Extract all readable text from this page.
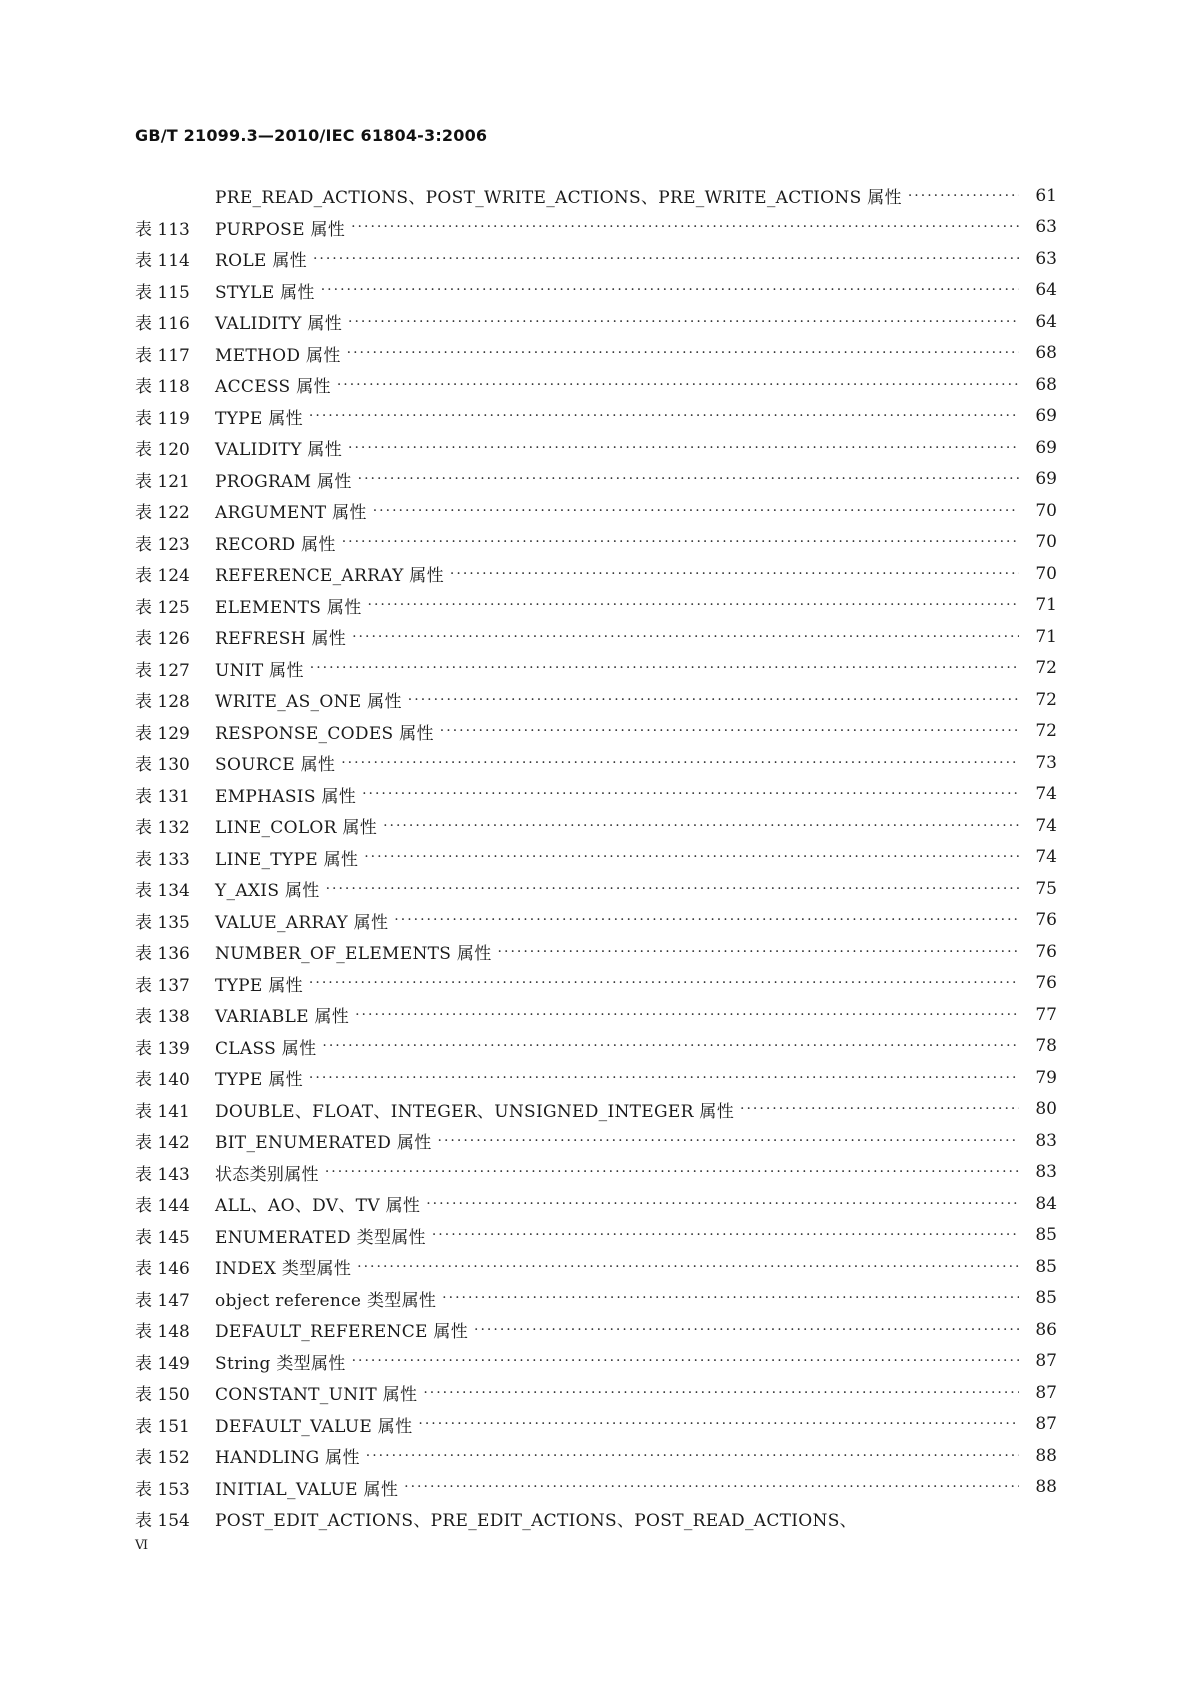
GB/T 21099.3—2010/IEC 61804-3:2006
PRE_READ_ACTIONS、POST_WRITE_ACTIONS、PRE_WRITE_ACTIONS 属性 ·····	61
表 113	PURPOSE 属性 ·····	63
表 114	ROLE 属性 ·····	63
表 115	STYLE 属性 ·····	64
表 116	VALIDITY 属性 ·····	64
表 117	METHOD 属性 ·····	68
表 118	ACCESS 属性 ·····	68
表 119	TYPE 属性 ·····	69
表 120	VALIDITY 属性 ·····	69
表 121	PROGRAM 属性 ·····	69
表 122	ARGUMENT 属性 ·····	70
表 123	RECORD 属性 ·····	70
表 124	REFERENCE_ARRAY 属性 ·····	70
表 125	ELEMENTS 属性 ·····	71
表 126	REFRESH 属性 ·····	71
表 127	UNIT 属性 ·····	72
表 128	WRITE_AS_ONE 属性 ·····	72
表 129	RESPONSE_CODES 属性 ·····	72
表 130	SOURCE 属性 ·····	73
表 131	EMPHASIS 属性 ·····	74
表 132	LINE_COLOR 属性 ·····	74
表 133	LINE_TYPE 属性 ·····	74
表 134	Y_AXIS 属性 ·····	75
表 135	VALUE_ARRAY 属性 ·····	76
表 136	NUMBER_OF_ELEMENTS 属性 ·····	76
表 137	TYPE 属性 ·····	76
表 138	VARIABLE 属性 ·····	77
表 139	CLASS 属性 ·····	78
表 140	TYPE 属性 ·····	79
表 141	DOUBLE、FLOAT、INTEGER、UNSIGNED_INTEGER 属性 ·····	80
表 142	BIT_ENUMERATED 属性 ·····	83
表 143	状态类别属性 ·····	83
表 144	ALL、AO、DV、TV 属性 ·····	84
表 145	ENUMERATED 类型属性 ·····	85
表 146	INDEX 类型属性 ·····	85
表 147	object reference 类型属性 ·····	85
表 148	DEFAULT_REFERENCE 属性 ·····	86
表 149	String 类型属性 ·····	87
表 150	CONSTANT_UNIT 属性 ·····	87
表 151	DEFAULT_VALUE 属性 ·····	87
表 152	HANDLING 属性 ·····	88
表 153	INITIAL_VALUE 属性 ·····	88
表 154	POST_EDIT_ACTIONS、PRE_EDIT_ACTIONS、POST_READ_ACTIONS、
Ⅵ
